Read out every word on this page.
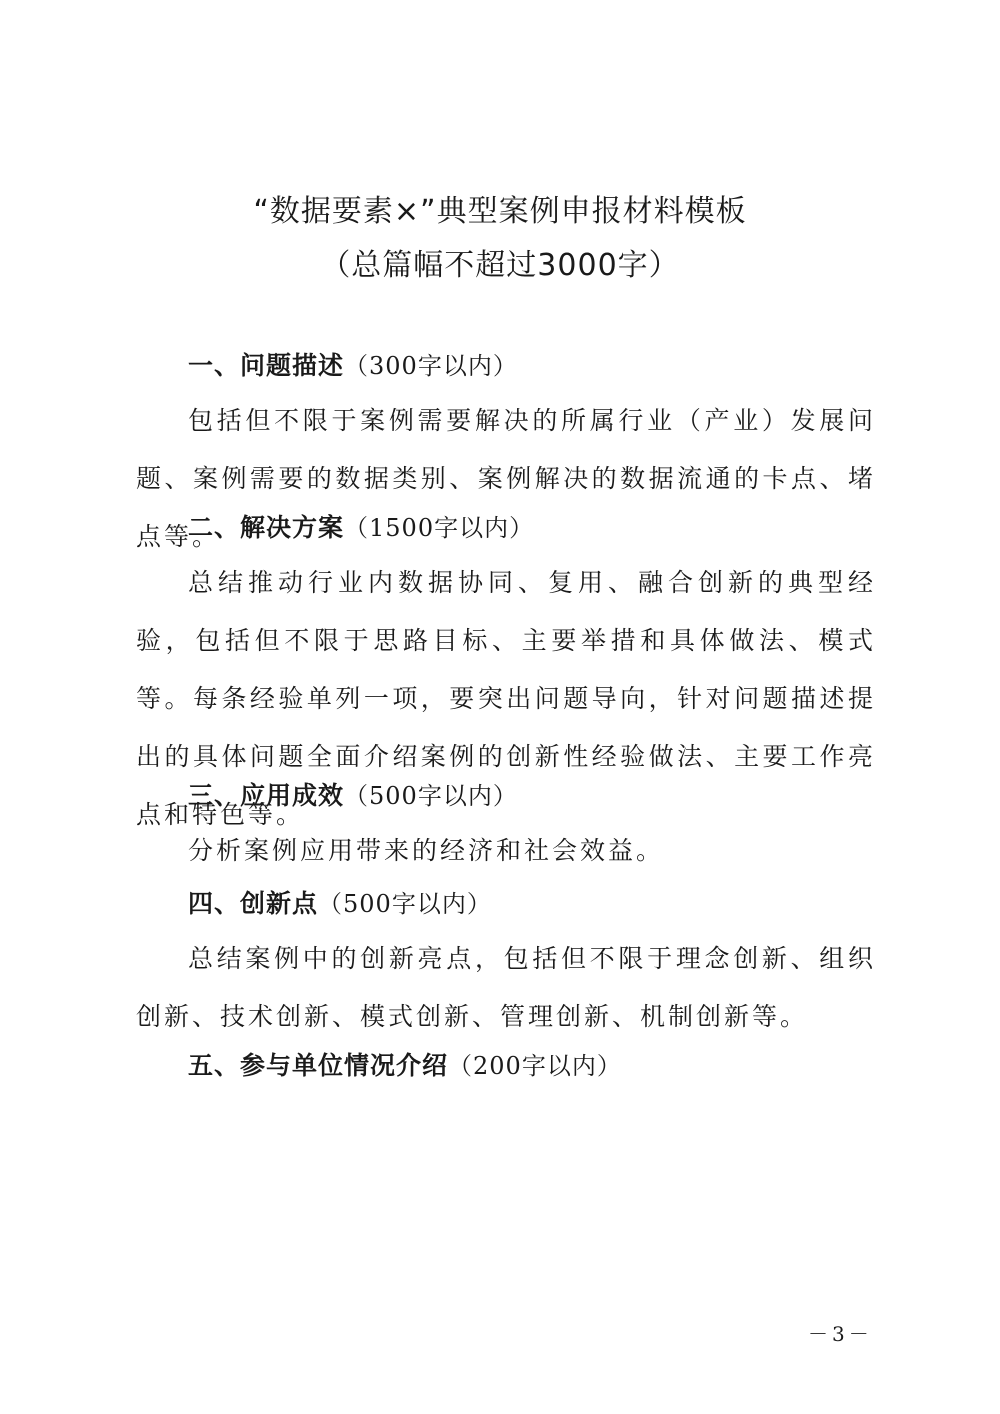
“数据要素×”典型案例申报材料模板
（总篇幅不超过3000字）
一、问题描述（300字以内）

包括但不限于案例需要解决的所属行业（产业）发展问题、案例需要的数据类别、案例解决的数据流通的卡点、堵点等。

二、解决方案（1500字以内）

总结推动行业内数据协同、复用、融合创新的典型经验，包括但不限于思路目标、主要举措和具体做法、模式等。每条经验单列一项，要突出问题导向，针对问题描述提出的具体问题全面介绍案例的创新性经验做法、主要工作亮点和特色等。

三、应用成效（500字以内）

分析案例应用带来的经济和社会效益。

四、创新点（500字以内）

总结案例中的创新亮点，包括但不限于理念创新、组织创新、技术创新、模式创新、管理创新、机制创新等。

五、参与单位情况介绍（200字以内）
－3－
